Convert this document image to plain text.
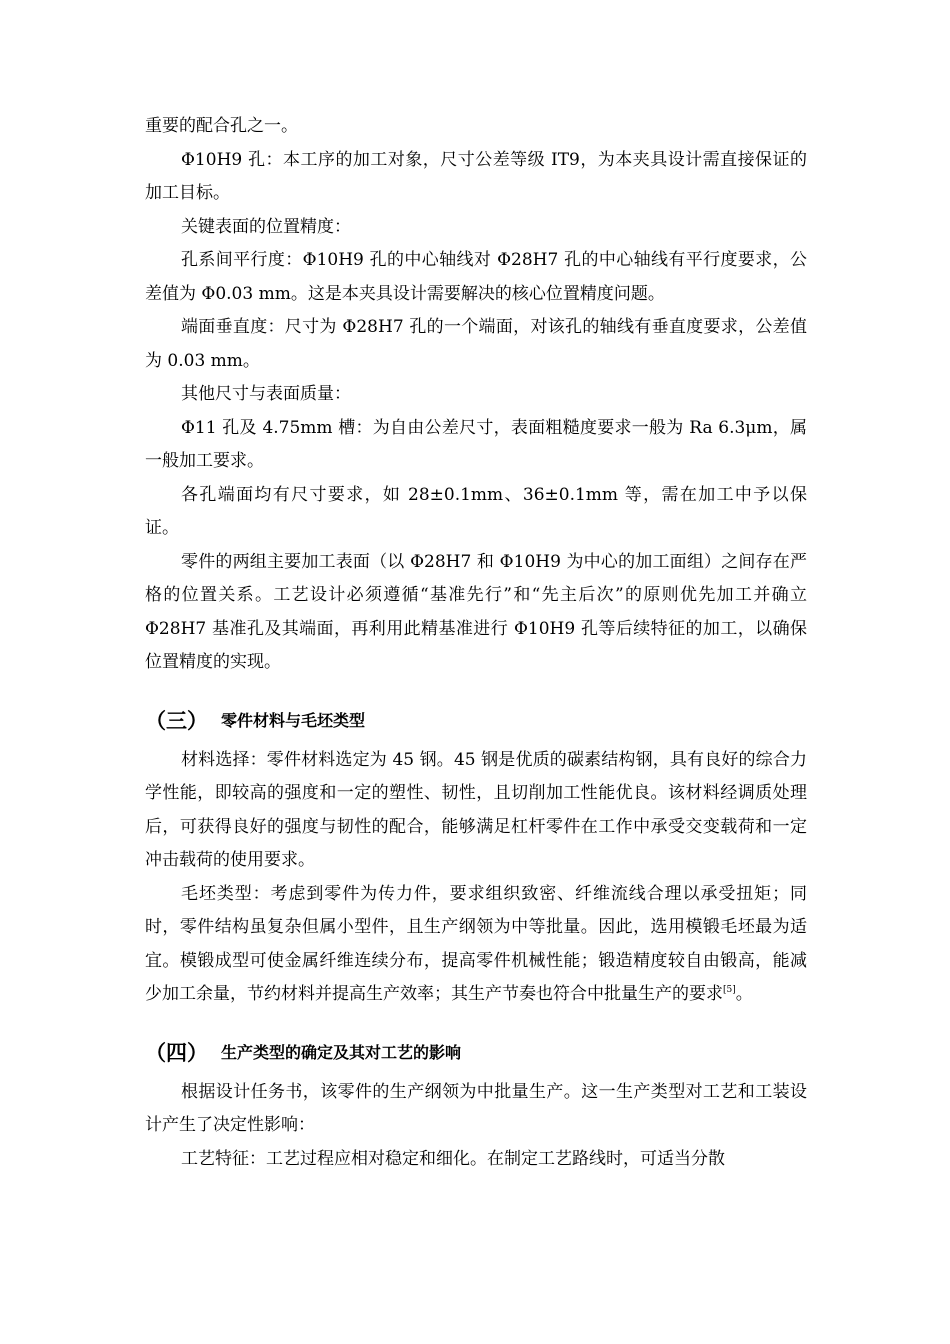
重要的配合孔之一。

Φ10H9 孔：本工序的加工对象，尺寸公差等级 IT9，为本夹具设计需直接保证的加工目标。

关键表面的位置精度：

孔系间平行度：Φ10H9 孔的中心轴线对 Φ28H7 孔的中心轴线有平行度要求，公差值为 Φ0.03 mm。这是本夹具设计需要解决的核心位置精度问题。

端面垂直度：尺寸为 Φ28H7 孔的一个端面，对该孔的轴线有垂直度要求，公差值为 0.03 mm。

其他尺寸与表面质量：

Φ11 孔及 4.75mm 槽：为自由公差尺寸，表面粗糙度要求一般为 Ra 6.3μm，属一般加工要求。

各孔端面均有尺寸要求，如 28±0.1mm、36±0.1mm 等，需在加工中予以保证。

零件的两组主要加工表面（以 Φ28H7 和 Φ10H9 为中心的加工面组）之间存在严格的位置关系。工艺设计必须遵循“基准先行”和“先主后次”的原则优先加工并确立 Φ28H7 基准孔及其端面，再利用此精基准进行 Φ10H9 孔等后续特征的加工，以确保位置精度的实现。

（三） 零件材料与毛坯类型

材料选择：零件材料选定为 45 钢。45 钢是优质的碳素结构钢，具有良好的综合力学性能，即较高的强度和一定的塑性、韧性，且切削加工性能优良。该材料经调质处理后，可获得良好的强度与韧性的配合，能够满足杠杆零件在工作中承受交变载荷和一定冲击载荷的使用要求。

毛坯类型：考虑到零件为传力件，要求组织致密、纤维流线合理以承受扭矩；同时，零件结构虽复杂但属小型件，且生产纲领为中等批量。因此，选用模锻毛坯最为适宜。模锻成型可使金属纤维连续分布，提高零件机械性能；锻造精度较自由锻高，能减少加工余量，节约材料并提高生产效率；其生产节奏也符合中批量生产的要求[5]。

（四） 生产类型的确定及其对工艺的影响

根据设计任务书，该零件的生产纲领为中批量生产。这一生产类型对工艺和工装设计产生了决定性影响：

工艺特征：工艺过程应相对稳定和细化。在制定工艺路线时，可适当分散
